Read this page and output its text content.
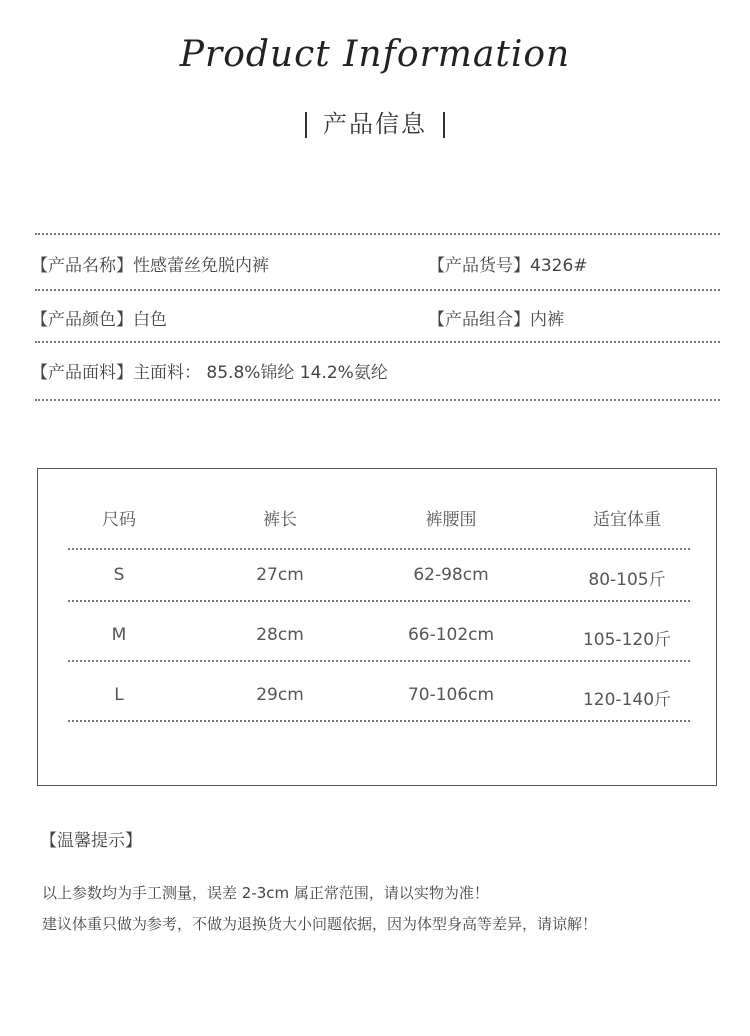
Product Information
产品信息
【产品名称】性感蕾丝免脱内裤	【产品货号】4326#
【产品颜色】白色	【产品组合】内裤
【产品面料】主面料： 85.8%锦纶 14.2%氨纶
尺码	裤长	裤腰围	适宜体重
S	27cm	62-98cm	80-105斤
M	28cm	66-102cm	105-120斤
L	29cm	70-106cm	120-140斤
【温馨提示】
以上参数均为手工测量，误差 2-3cm 属正常范围，请以实物为准！
建议体重只做为参考，不做为退换货大小问题依据，因为体型身高等差异，请谅解！
